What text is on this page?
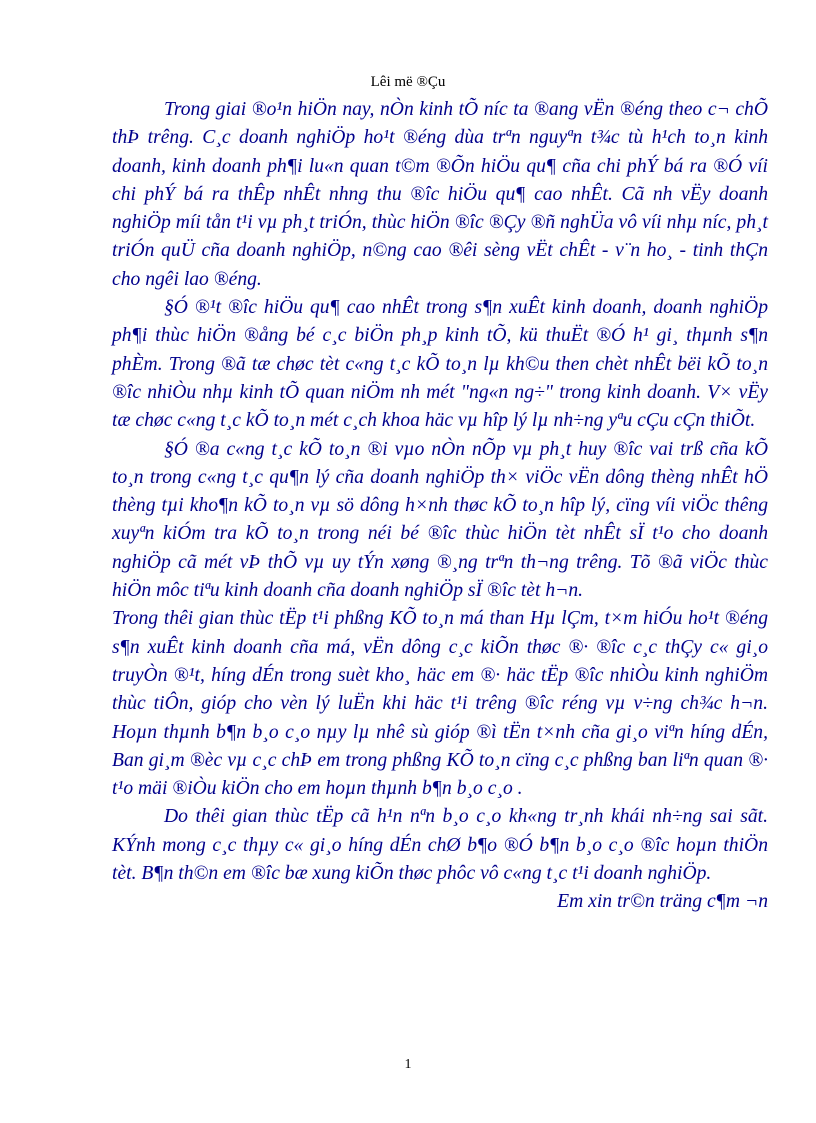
Lêi më ®Çu

Trong giai ®o¹n hiÖn nay, nÒn kinh tÕ níc ta ®ang vËn ®éng theo c¬ chÕ thÞ trêng. C¸c doanh nghiÖp ho¹t ®éng dùa trªn nguyªn t¾c tù h¹ch to¸n kinh doanh, kinh doanh ph¶i lu«n quan t©m ®Õn hiÖu qu¶ cña chi phÝ bá ra ®Ó víi chi phÝ bá ra thÊp nhÊt nhng thu ®îc hiÖu qu¶ cao nhÊt. Cã nh vËy doanh nghiÖp míi tån t¹i vµ ph¸t triÓn, thùc hiÖn ®îc ®Çy ®ñ nghÜa vô víi nhµ níc, ph¸t triÓn quÜ cña doanh nghiÖp, n©ng cao ®êi sèng vËt chÊt - v¨n ho¸ - tinh thÇn cho ngêi lao ®éng.

§Ó ®¹t ®îc hiÖu qu¶ cao nhÊt trong s¶n xuÊt kinh doanh, doanh nghiÖp ph¶i thùc hiÖn ®ång bé c¸c biÖn ph¸p kinh tÕ, kü thuËt ®Ó h¹ gi¸ thµnh s¶n phÈm. Trong ®ã tæ chøc tèt c«ng t¸c kÕ to¸n lµ kh©u then chèt nhÊt bëi kÕ to¸n ®îc nhiÒu nhµ kinh tÕ quan niÖm nh mét "ng«n ng÷" trong kinh doanh. V× vËy tæ chøc c«ng t¸c kÕ to¸n mét c¸ch khoa häc vµ hîp lý lµ nh÷ng yªu cÇu cÇn thiÕt.

§Ó ®a c«ng t¸c kÕ to¸n ®i vµo nÒn nÕp vµ ph¸t huy ®îc vai trß cña kÕ to¸n trong c«ng t¸c qu¶n lý cña doanh nghiÖp th× viÖc vËn dông thèng nhÊt hÖ thèng tµi kho¶n kÕ to¸n vµ sö dông h×nh thøc kÕ to¸n hîp lý, cïng víi viÖc thêng xuyªn kiÓm tra kÕ to¸n trong néi bé ®îc thùc hiÖn tèt nhÊt sÏ t¹o cho doanh nghiÖp cã mét vÞ thÕ vµ uy tÝn xøng ®¸ng trªn th¬ng trêng. Tõ ®ã viÖc thùc hiÖn môc tiªu kinh doanh cña doanh nghiÖp sÏ ®îc tèt h¬n.

Trong thêi gian thùc tËp t¹i phßng KÕ to¸n má than Hµ lÇm, t×m hiÓu ho¹t ®éng s¶n xuÊt kinh doanh cña má, vËn dông c¸c kiÕn thøc ®· ®îc c¸c thÇy c« gi¸o truyÒn ®¹t, híng dÉn trong suèt kho¸ häc em ®· häc tËp ®îc nhiÒu kinh nghiÖm thùc tiÔn, gióp cho vèn lý luËn khi häc t¹i trêng ®îc réng vµ v÷ng ch¾c h¬n. Hoµn thµnh b¶n b¸o c¸o nµy lµ nhê sù gióp ®ì tËn t×nh cña gi¸o viªn híng dÉn, Ban gi¸m ®èc vµ c¸c chÞ em trong phßng KÕ to¸n cïng c¸c phßng ban liªn quan ®· t¹o mäi ®iÒu kiÖn cho em hoµn thµnh b¶n b¸o c¸o .

Do thêi gian thùc tËp cã h¹n nªn b¸o c¸o kh«ng tr¸nh khái nh÷ng sai sãt. KÝnh mong c¸c thµy c« gi¸o híng dÉn chØ b¶o ®Ó b¶n b¸o c¸o ®îc hoµn thiÖn tèt. B¶n th©n em ®îc bæ xung kiÕn thøc phôc vô c«ng t¸c t¹i doanh nghiÖp.

Em xin tr©n träng c¶m ¬n

1
